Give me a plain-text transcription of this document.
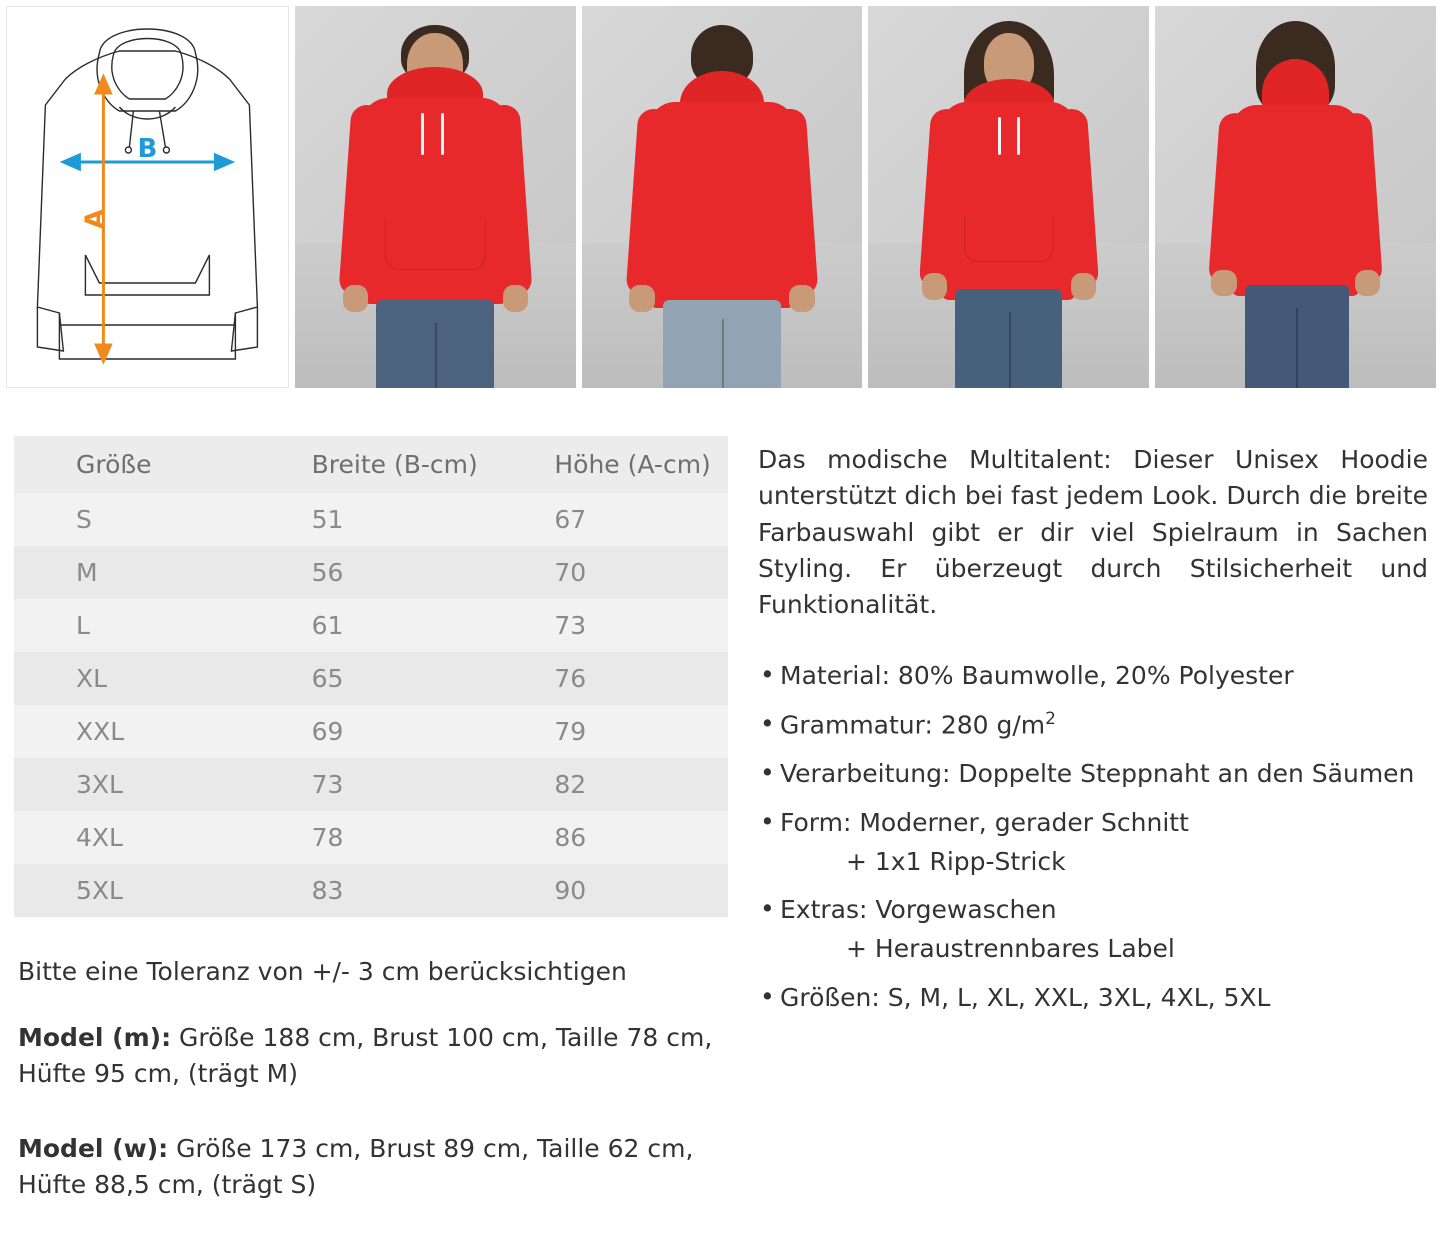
B
A
Größe	Breite (B-cm)	Höhe (A-cm)
S	51	67
M	56	70
L	61	73
XL	65	76
XXL	69	79
3XL	73	82
4XL	78	86
5XL	83	90

Bitte eine Toleranz von +/- 3 cm berücksichtigen

Model (m): Größe 188 cm, Brust 100 cm, Taille 78 cm, Hüfte 95 cm, (trägt M)

Model (w): Größe 173 cm, Brust 89 cm, Taille 62 cm, Hüfte 88,5 cm, (trägt S)

Das modische Multitalent: Dieser Unisex Hoodie unterstützt dich bei fast jedem Look. Durch die breite Farbauswahl gibt er dir viel Spielraum in Sachen Styling. Er überzeugt durch Stilsicherheit und Funktionalität.

• Material: 80% Baumwolle, 20% Polyester
• Grammatur: 280 $g/m^2$
• Verarbeitung: Doppelte Steppnaht an den Säumen
• Form: Moderner, gerader Schnitt
+ 1x1 Ripp-Strick
• Extras: Vorgewaschen
+ Heraustrennbares Label
• Größen: S, M, L, XL, XXL, 3XL, 4XL, 5XL
